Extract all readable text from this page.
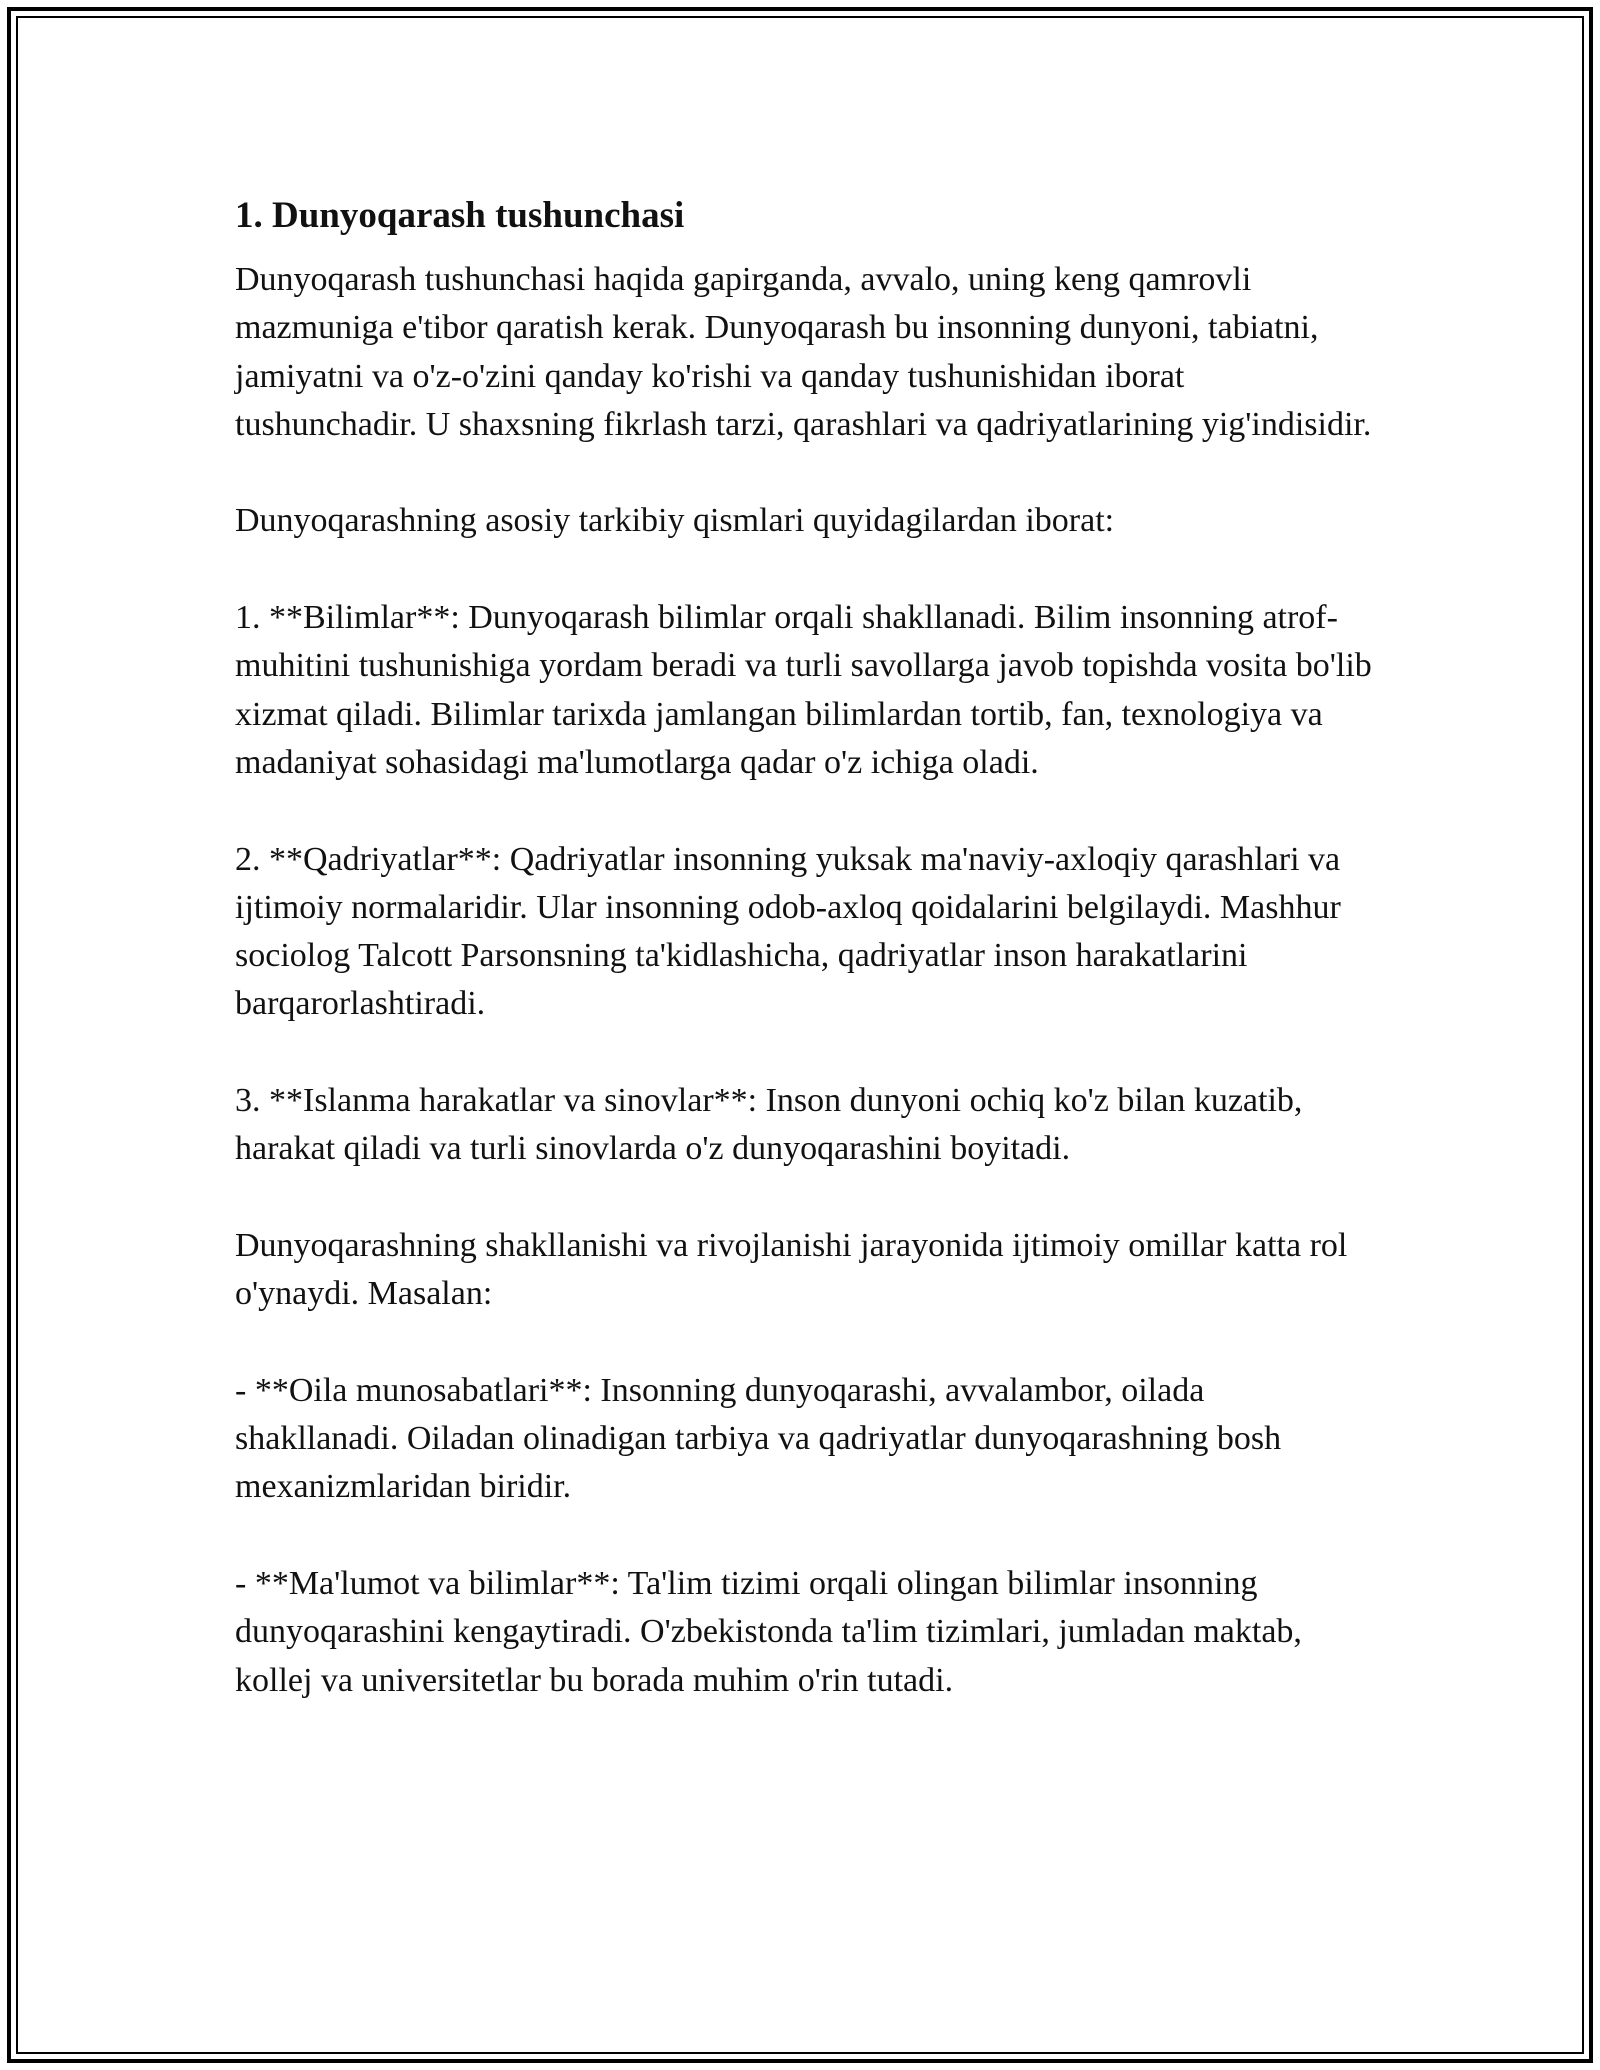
1. Dunyoqarash tushunchasi

Dunyoqarash tushunchasi haqida gapirganda, avvalo, uning keng qamrovli mazmuniga e'tibor qaratish kerak. Dunyoqarash bu insonning dunyoni, tabiatni, jamiyatni va o'z-o'zini qanday ko'rishi va qanday tushunishidan iborat tushunchadir. U shaxsning fikrlash tarzi, qarashlari va qadriyatlarining yig'indisidir.

Dunyoqarashning asosiy tarkibiy qismlari quyidagilardan iborat:

1. **Bilimlar**: Dunyoqarash bilimlar orqali shakllanadi. Bilim insonning atrof-muhitini tushunishiga yordam beradi va turli savollarga javob topishda vosita bo'lib xizmat qiladi. Bilimlar tarixda jamlangan bilimlardan tortib, fan, texnologiya va madaniyat sohasidagi ma'lumotlarga qadar o'z ichiga oladi.

2. **Qadriyatlar**: Qadriyatlar insonning yuksak ma'naviy-axloqiy qarashlari va ijtimoiy normalaridir. Ular insonning odob-axloq qoidalarini belgilaydi. Mashhur sociolog Talcott Parsonsning ta'kidlashicha, qadriyatlar inson harakatlarini barqarorlashtiradi.

3. **Islanma harakatlar va sinovlar**: Inson dunyoni ochiq ko'z bilan kuzatib, harakat qiladi va turli sinovlarda o'z dunyoqarashini boyitadi.

Dunyoqarashning shakllanishi va rivojlanishi jarayonida ijtimoiy omillar katta rol o'ynaydi. Masalan:

- **Oila munosabatlari**: Insonning dunyoqarashi, avvalambor, oilada shakllanadi. Oiladan olinadigan tarbiya va qadriyatlar dunyoqarashning bosh mexanizmlaridan biridir.

- **Ma'lumot va bilimlar**: Ta'lim tizimi orqali olingan bilimlar insonning dunyoqarashini kengaytiradi. O'zbekistonda ta'lim tizimlari, jumladan maktab, kollej va universitetlar bu borada muhim o'rin tutadi.
